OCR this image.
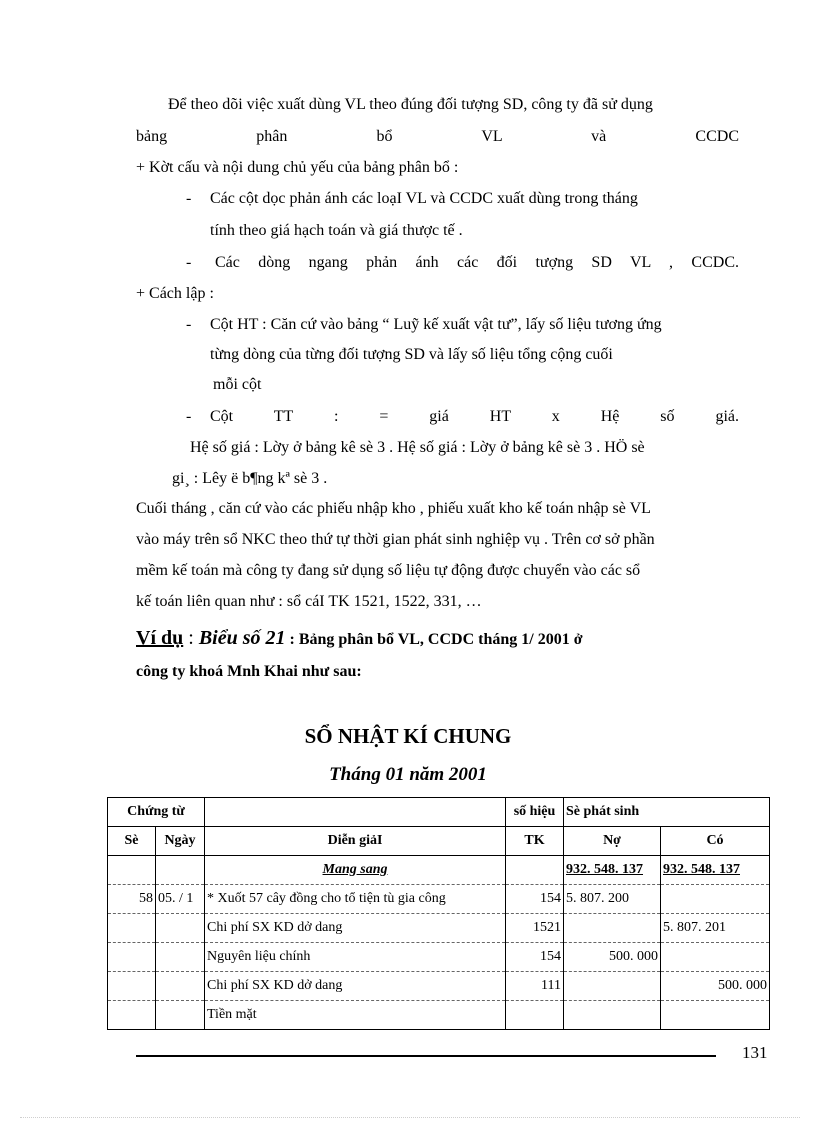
Để theo dõi việc xuất dùng VL theo đúng đối tượng SD, công ty đã sử dụng
bảng phân bổ VL và CCDC
+ Kờt cấu và nội dung chủ yếu của bảng phân bổ :
- Các cột dọc phản ánh các loạI VL và CCDC xuất dùng trong tháng
tính theo giá hạch toán và giá thược tế .
- Các dòng ngang phản ánh các đối tượng SD VL , CCDC.
+ Cách lập :
- Cột HT : Căn cứ vào bảng “ Luỹ kế xuất vật tư”, lấy số liệu tương ứng
từng dòng của từng đối tượng SD và lấy số liệu tổng cộng cuối
mỗi cột
- Cột TT : = giá HT x Hệ số giá.
Hệ số giá : Lờy ở bảng kê sè 3 . Hệ số giá : Lờy ở bảng kê sè 3 . HÖ sè
gi¸ : Lêy ë b¶ng kª sè 3 .
Cuối tháng , căn cứ vào các phiếu nhập kho , phiếu xuất kho kế toán nhập sè VL
vào máy trên sổ NKC theo thứ tự thời gian phát sinh nghiệp vụ . Trên cơ sở phần
mềm kế toán mà công ty đang sử dụng số liệu tự động được chuyển vào các sổ
kế toán liên quan như : sổ cáI TK 1521, 1522, 331, …
Ví dụ : Biểu số 21 : Bảng phân bổ VL, CCDC tháng 1/ 2001 ở
công ty khoá Mnh Khai như sau:
SỔ NHẬT KÍ CHUNG
Tháng 01 năm 2001
Chứng từ			số hiệu	Sè phát sinh	
Sè	Ngày	Diễn giảI	TK	Nợ	Có
		Mang sang		932. 548. 137	932. 548. 137
58	05. / 1	* Xuốt 57 cây đồng cho tổ tiện tù gia công	154	5. 807. 200	
		Chi phí SX KD dở dang	1521		5. 807. 201
		Nguyên liệu chính	154	500. 000	
		Chi phí SX KD dở dang	111		500. 000
		Tiền mặt			
131
